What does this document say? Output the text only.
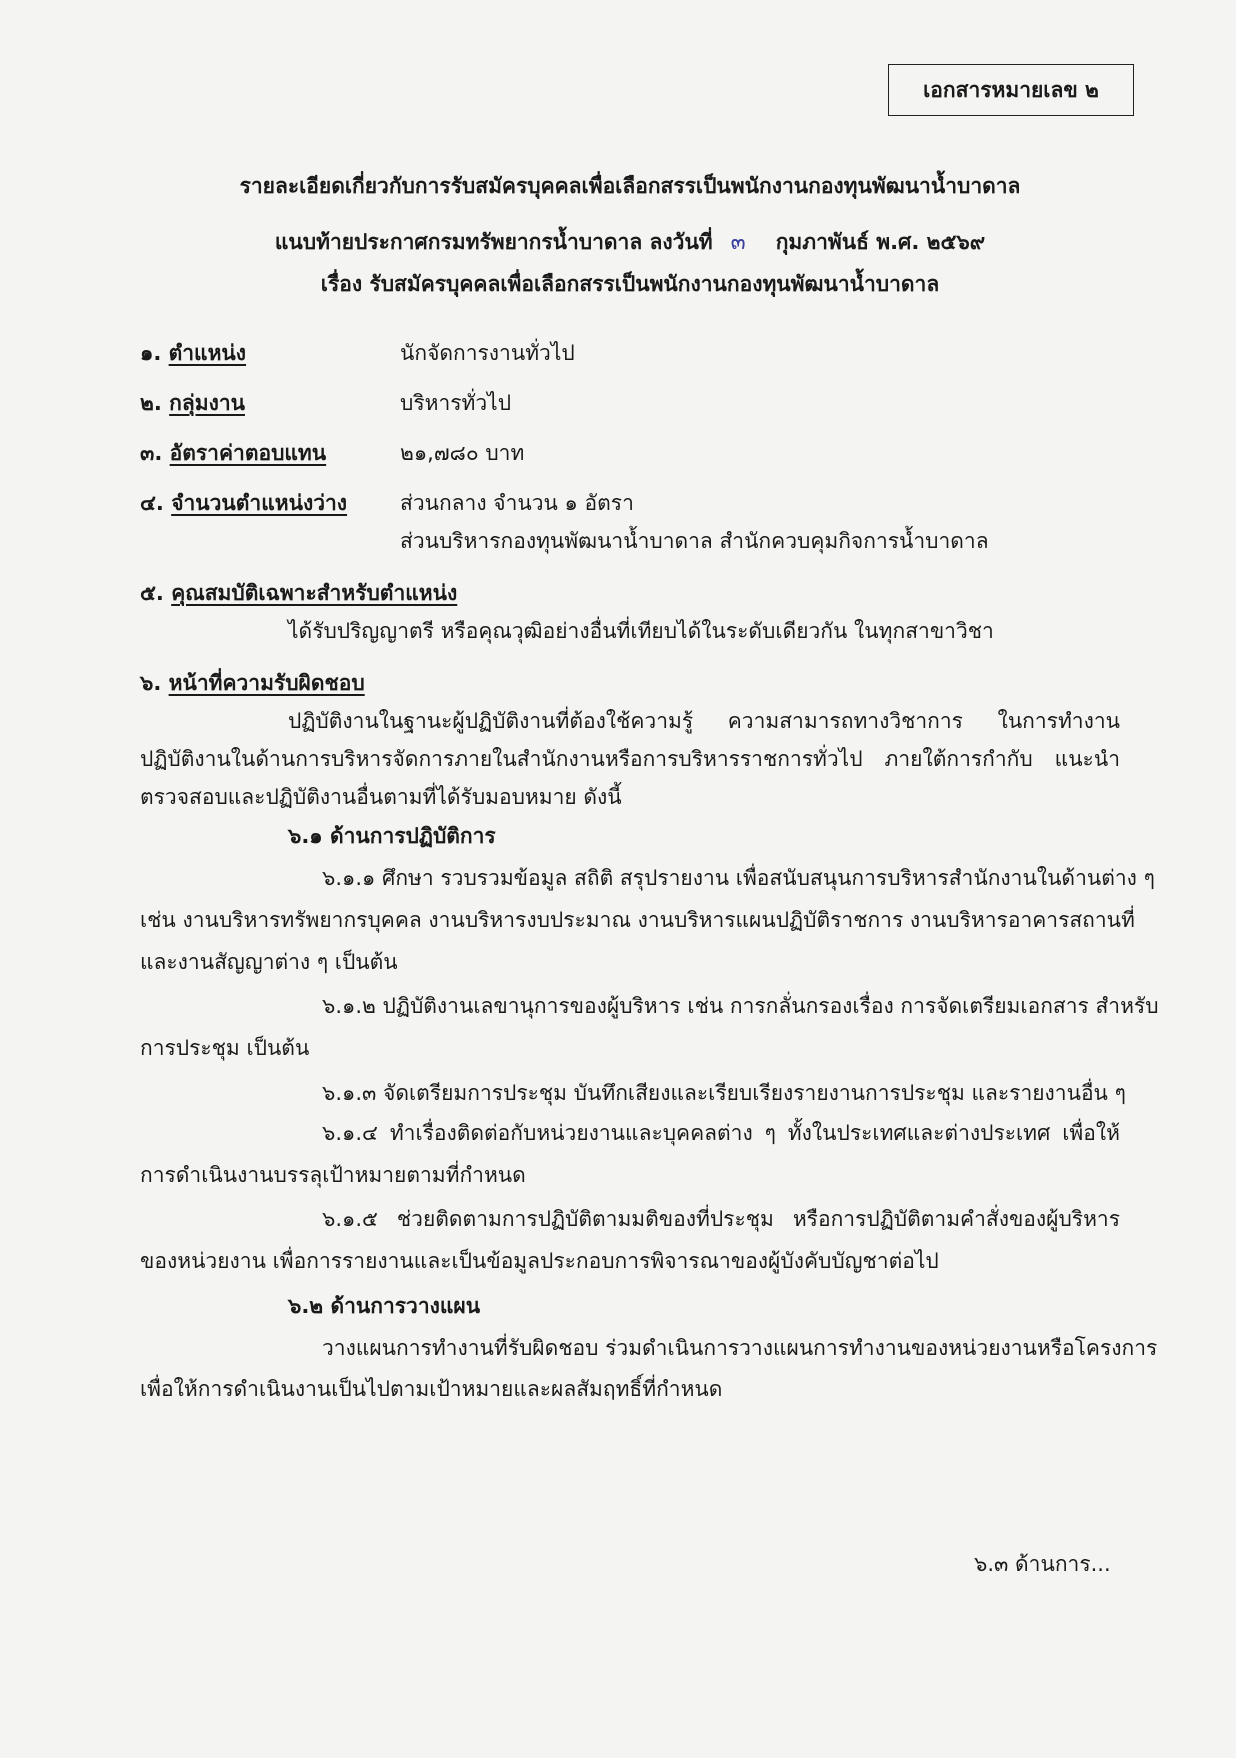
เอกสารหมายเลข ๒
รายละเอียดเกี่ยวกับการรับสมัครบุคคลเพื่อเลือกสรรเป็นพนักงานกองทุนพัฒนาน้ำบาดาล
แนบท้ายประกาศกรมทรัพยากรน้ำบาดาล ลงวันที่ ๓ กุมภาพันธ์ พ.ศ. ๒๕๖๙
เรื่อง รับสมัครบุคคลเพื่อเลือกสรรเป็นพนักงานกองทุนพัฒนาน้ำบาดาล
๑. ตำแหน่ง	นักจัดการงานทั่วไป
๒. กลุ่มงาน	บริหารทั่วไป
๓. อัตราค่าตอบแทน	๒๑,๗๘๐ บาท
๔. จำนวนตำแหน่งว่าง	ส่วนกลาง จำนวน ๑ อัตรา
ส่วนบริหารกองทุนพัฒนาน้ำบาดาล สำนักควบคุมกิจการน้ำบาดาล
๕. คุณสมบัติเฉพาะสำหรับตำแหน่ง
ได้รับปริญญาตรี หรือคุณวุฒิอย่างอื่นที่เทียบได้ในระดับเดียวกัน ในทุกสาขาวิชา
๖. หน้าที่ความรับผิดชอบ
ปฏิบัติงานในฐานะผู้ปฏิบัติงานที่ต้องใช้ความรู้ ความสามารถทางวิชาการ ในการทำงาน
ปฏิบัติงานในด้านการบริหารจัดการภายในสำนักงานหรือการบริหารราชการทั่วไป ภายใต้การกำกับ แนะนำ
ตรวจสอบและปฏิบัติงานอื่นตามที่ได้รับมอบหมาย ดังนี้
๖.๑ ด้านการปฏิบัติการ
๖.๑.๑ ศึกษา รวบรวมข้อมูล สถิติ สรุปรายงาน เพื่อสนับสนุนการบริหารสำนักงานในด้านต่าง ๆ
เช่น งานบริหารทรัพยากรบุคคล งานบริหารงบประมาณ งานบริหารแผนปฏิบัติราชการ งานบริหารอาคารสถานที่
และงานสัญญาต่าง ๆ เป็นต้น
๖.๑.๒ ปฏิบัติงานเลขานุการของผู้บริหาร เช่น การกลั่นกรองเรื่อง การจัดเตรียมเอกสาร สำหรับ
การประชุม เป็นต้น
๖.๑.๓ จัดเตรียมการประชุม บันทึกเสียงและเรียบเรียงรายงานการประชุม และรายงานอื่น ๆ
๖.๑.๔ ทำเรื่องติดต่อกับหน่วยงานและบุคคลต่าง ๆ ทั้งในประเทศและต่างประเทศ เพื่อให้
การดำเนินงานบรรลุเป้าหมายตามที่กำหนด
๖.๑.๕ ช่วยติดตามการปฏิบัติตามมติของที่ประชุม หรือการปฏิบัติตามคำสั่งของผู้บริหาร
ของหน่วยงาน เพื่อการรายงานและเป็นข้อมูลประกอบการพิจารณาของผู้บังคับบัญชาต่อไป
๖.๒ ด้านการวางแผน
วางแผนการทำงานที่รับผิดชอบ ร่วมดำเนินการวางแผนการทำงานของหน่วยงานหรือโครงการ
เพื่อให้การดำเนินงานเป็นไปตามเป้าหมายและผลสัมฤทธิ์ที่กำหนด
๖.๓ ด้านการ...
